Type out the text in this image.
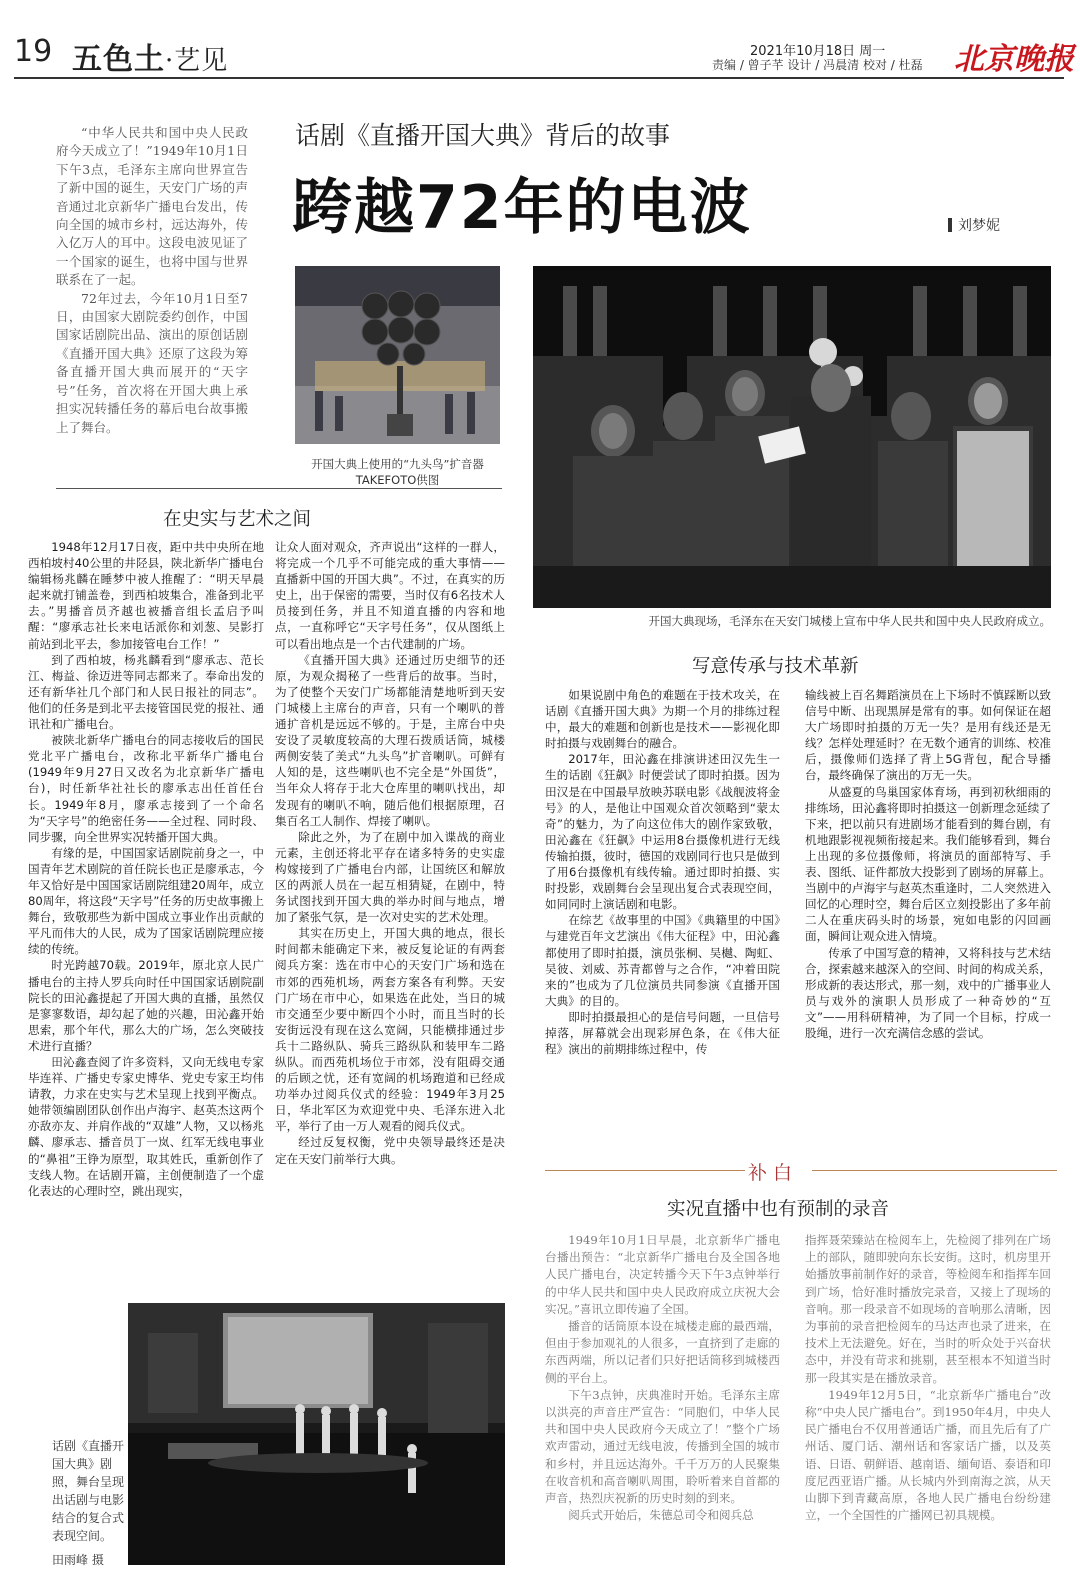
19 五色土·艺见	2021年10月18日 周一
责编 / 曾子芊 设计 / 冯晨清 校对 / 杜磊 北京晚报

“中华人民共和国中央人民政府今天成立了！”1949年10月1日下午3点，毛泽东主席向世界宣告了新中国的诞生，天安门广场的声音通过北京新华广播电台发出，传向全国的城市乡村，远达海外，传入亿万人的耳中。这段电波见证了一个国家的诞生，也将中国与世界联系在了一起。

72年过去，今年10月1日至7日，由国家大剧院委约创作，中国国家话剧院出品、演出的原创话剧《直播开国大典》还原了这段为筹备直播开国大典而展开的“天字号”任务，首次将在开国大典上承担实况转播任务的幕后电台故事搬上了舞台。

话剧《直播开国大典》背后的故事
跨越72年的电波	刘梦妮
开国大典上使用的“九头鸟”扩音器
TAKEFOTO供图
开国大典现场，毛泽东在天安门城楼上宣布中华人民共和国中央人民政府成立。
在史实与艺术之间

1948年12月17日夜，距中共中央所在地西柏坡村40公里的井陉县，陕北新华广播电台编辑杨兆麟在睡梦中被人推醒了：“明天早晨起来就打铺盖卷，到西柏坡集合，准备到北平去。”男播音员齐越也被播音组长孟启予叫醒：“廖承志社长来电话派你和刘葱、吴影打前站到北平去，参加接管电台工作！”

到了西柏坡，杨兆麟看到“廖承志、范长江、梅益、徐迈进等同志都来了。奉命出发的还有新华社几个部门和人民日报社的同志”。他们的任务是到北平去接管国民党的报社、通讯社和广播电台。

被陕北新华广播电台的同志接收后的国民党北平广播电台，改称北平新华广播电台(1949年9月27日又改名为北京新华广播电台)，时任新华社社长的廖承志出任首任台长。1949年8月，廖承志接到了一个命名为“天字号”的绝密任务——全过程、同时段、同步骤，向全世界实况转播开国大典。

有缘的是，中国国家话剧院前身之一，中国青年艺术剧院的首任院长也正是廖承志，今年又恰好是中国国家话剧院组建20周年，成立80周年，将这段“天字号”任务的历史故事搬上舞台，致敬那些为新中国成立事业作出贡献的平凡而伟大的人民，成为了国家话剧院理应接续的传统。

时光跨越70载。2019年，原北京人民广播电台的主持人罗兵向时任中国国家话剧院副院长的田沁鑫提起了开国大典的直播，虽然仅是寥寥数语，却勾起了她的兴趣，田沁鑫开始思索，那个年代，那么大的广场，怎么突破技术进行直播？

田沁鑫查阅了许多资料，又向无线电专家毕连祥、广播史专家史博华、党史专家王均伟请教，力求在史实与艺术呈现上找到平衡点。她带领编剧团队创作出卢海宇、赵英杰这两个亦敌亦友、并肩作战的“双雄”人物，又以杨兆麟、廖承志、播音员丁一岚、红军无线电事业的“鼻祖”王铮为原型，取其姓氏，重新创作了支线人物。在话剧开篇，主创便制造了一个虚化表达的心理时空，跳出现实，

让众人面对观众，齐声说出“这样的一群人，将完成一个几乎不可能完成的重大事情——直播新中国的开国大典”。不过，在真实的历史上，出于保密的需要，当时仅有6名技术人员接到任务，并且不知道直播的内容和地点，一直称呼它“天字号任务”，仅从图纸上可以看出地点是一个古代建制的广场。

《直播开国大典》还通过历史细节的还原，为观众揭秘了一些背后的故事。当时，为了使整个天安门广场都能清楚地听到天安门城楼上主席台的声音，只有一个喇叭的普通扩音机是远远不够的。于是，主席台中央安设了灵敏度较高的大理石拨质话筒，城楼两侧安装了美式“九头鸟”扩音喇叭。可鲜有人知的是，这些喇叭也不完全是“外国货”，当年众人将存于北大仓库里的喇叭找出，却发现有的喇叭不响，随后他们根据原理，召集百名工人制作、焊接了喇叭。

除此之外，为了在剧中加入谍战的商业元素，主创还将北平存在诸多特务的史实虚构嫁接到了广播电台内部，让国统区和解放区的两派人员在一起互相猜疑，在剧中，特务试图找到开国大典的举办时间与地点，增加了紧张气氛，是一次对史实的艺术处理。

其实在历史上，开国大典的地点，很长时间都未能确定下来，被反复论证的有两套阅兵方案：选在市中心的天安门广场和选在市郊的西苑机场，两套方案各有利弊。天安门广场在市中心，如果选在此处，当日的城市交通至少要中断四个小时，而且当时的长安街远没有现在这么宽阔，只能横排通过步兵十二路纵队、骑兵三路纵队和装甲车二路纵队。而西苑机场位于市郊，没有阻碍交通的后顾之忧，还有宽阔的机场跑道和已经成功举办过阅兵仪式的经验：1949年3月25日，华北军区为欢迎党中央、毛泽东进入北平，举行了由一万人观看的阅兵仪式。

经过反复权衡，党中央领导最终还是决定在天安门前举行大典。

写意传承与技术革新

如果说剧中角色的难题在于技术攻关，在话剧《直播开国大典》为期一个月的排练过程中，最大的难题和创新也是技术——影视化即时拍摄与戏剧舞台的融合。

2017年，田沁鑫在排演讲述田汉先生一生的话剧《狂飙》时便尝试了即时拍摄。因为田汉是在中国最早放映苏联电影《战舰波将金号》的人，是他让中国观众首次领略到“蒙太奇”的魅力，为了向这位伟大的剧作家致敬，田沁鑫在《狂飙》中运用8台摄像机进行无线传输拍摄，彼时，德国的戏剧同行也只是做到了用6台摄像机有线传输。通过即时拍摄、实时投影，戏剧舞台会呈现出复合式表现空间，如同同时上演话剧和电影。

在综艺《故事里的中国》《典籍里的中国》与建党百年文艺演出《伟大征程》中，田沁鑫都使用了即时拍摄，演员张桐、吴樾、陶虹、吴彼、刘威、苏青都曾与之合作，“冲着田院来的”也成为了几位演员共同参演《直播开国大典》的目的。

即时拍摄最担心的是信号问题，一旦信号掉落，屏幕就会出现彩屏色条，在《伟大征程》演出的前期排练过程中，传

输线被上百名舞蹈演员在上下场时不慎踩断以致信号中断、出现黑屏是常有的事。如何保证在超大广场即时拍摄的万无一失？是用有线还是无线？怎样处理延时？在无数个通宵的训练、校准后，摄像师们选择了背上5G背包，配合导播台，最终确保了演出的万无一失。

从盛夏的鸟巢国家体育场，再到初秋细雨的排练场，田沁鑫将即时拍摄这一创新理念延续了下来，把以前只有进剧场才能看到的舞台剧，有机地跟影视视频衔接起来。我们能够看到，舞台上出现的多位摄像师，将演员的面部特写、手表、图纸、证件都放大投影到了剧场的屏幕上。当剧中的卢海宇与赵英杰重逢时，二人突然进入回忆的心理时空，舞台后区立刻投影出了多年前二人在重庆码头时的场景，宛如电影的闪回画面，瞬间让观众进入情境。

传承了中国写意的精神，又将科技与艺术结合，探索越来越深入的空间、时间的构成关系，形成新的表达形式，那一刻，戏中的广播事业人员与戏外的演职人员形成了一种奇妙的“互文”——用科研精神，为了同一个目标，拧成一股绳，进行一次充满信念感的尝试。

补白
实况直播中也有预制的录音

1949年10月1日早晨，北京新华广播电台播出预告：“北京新华广播电台及全国各地人民广播电台，决定转播今天下午3点钟举行的中华人民共和国中央人民政府成立庆祝大会实况。”喜讯立即传遍了全国。

播音的话筒原本设在城楼走廊的最西端，但由于参加观礼的人很多，一直挤到了走廊的东西两端，所以记者们只好把话筒移到城楼西侧的平台上。

下午3点钟，庆典准时开始。毛泽东主席以洪亮的声音庄严宣告：“同胞们，中华人民共和国中央人民政府今天成立了！”整个广场欢声雷动，通过无线电波，传播到全国的城市和乡村，并且远达海外。千千万万的人民聚集在收音机和高音喇叭周围，聆听着来自首都的声音，热烈庆祝新的历史时刻的到来。

阅兵式开始后，朱德总司令和阅兵总

指挥聂荣臻站在检阅车上，先检阅了排列在广场上的部队，随即驶向东长安街。这时，机房里开始播放事前制作好的录音，等检阅车和指挥车回到广场，恰好准时播放完录音，又接上了现场的音响。那一段录音不如现场的音响那么清晰，因为事前的录音把检阅车的马达声也录了进来，在技术上无法避免。好在，当时的听众处于兴奋状态中，并没有苛求和挑剔，甚至根本不知道当时那一段其实是在播放录音。

1949年12月5日，“北京新华广播电台”改称“中央人民广播电台”。到1950年4月，中央人民广播电台不仅用普通话广播，而且先后有了广州话、厦门话、潮州话和客家话广播，以及英语、日语、朝鲜语、越南语、缅甸语、泰语和印度尼西亚语广播。从长城内外到南海之滨，从天山脚下到青藏高原，各地人民广播电台纷纷建立，一个全国性的广播网已初具规模。

话剧《直播开国大典》剧照，舞台呈现出话剧与电影结合的复合式表现空间。
田雨峰 摄
